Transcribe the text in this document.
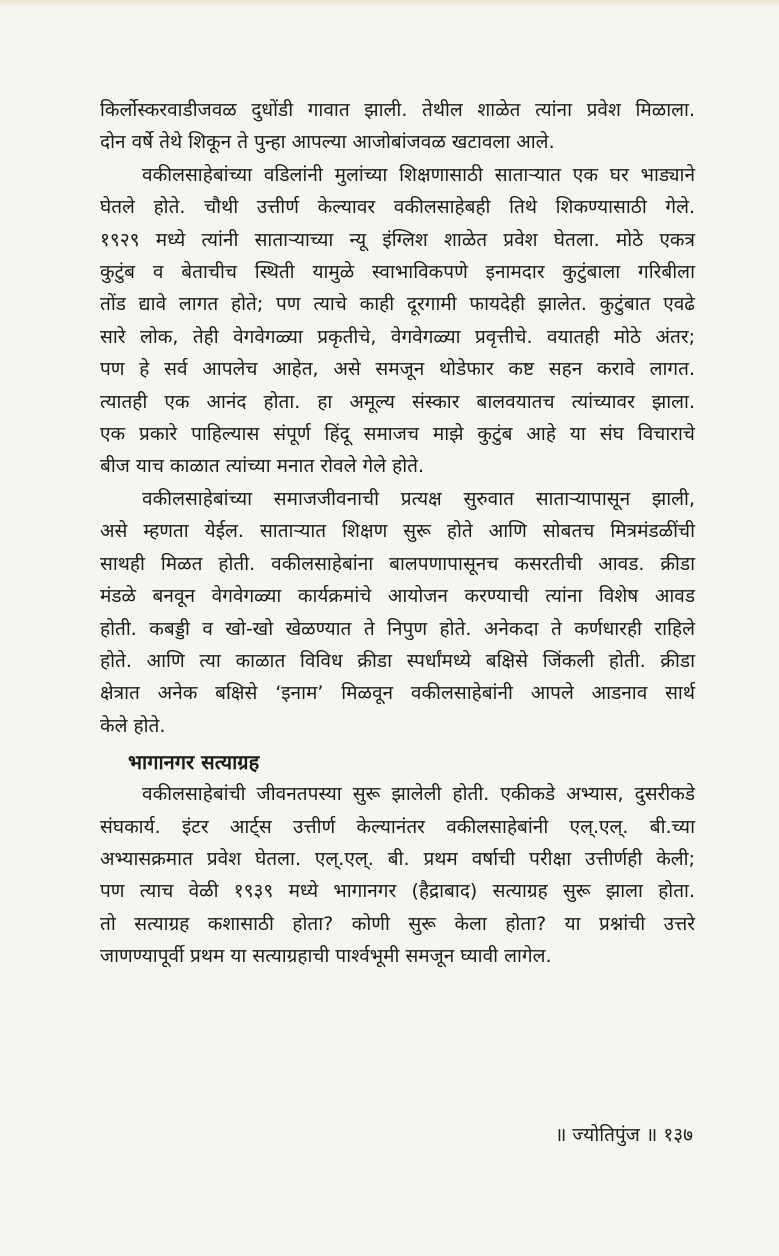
किर्लोस्करवाडीजवळ दुधोंडी गावात झाली. तेथील शाळेत त्यांना प्रवेश मिळाला.
दोन वर्षे तेथे शिकून ते पुन्हा आपल्या आजोबांजवळ खटावला आले.

वकीलसाहेबांच्या वडिलांनी मुलांच्या शिक्षणासाठी साताऱ्यात एक घर भाड्याने
घेतले होते. चौथी उत्तीर्ण केल्यावर वकीलसाहेबही तिथे शिकण्यासाठी गेले.
१९२९ मध्ये त्यांनी साताऱ्याच्या न्यू इंग्लिश शाळेत प्रवेश घेतला. मोठे एकत्र
कुटुंब व बेताचीच स्थिती यामुळे स्वाभाविकपणे इनामदार कुटुंबाला गरिबीला
तोंड द्यावे लागत होते; पण त्याचे काही दूरगामी फायदेही झालेत. कुटुंबात एवढे
सारे लोक, तेही वेगवेगळ्या प्रकृतीचे, वेगवेगळ्या प्रवृत्तीचे. वयातही मोठे अंतर;
पण हे सर्व आपलेच आहेत, असे समजून थोडेफार कष्ट सहन करावे लागत.
त्यातही एक आनंद होता. हा अमूल्य संस्कार बालवयातच त्यांच्यावर झाला.
एक प्रकारे पाहिल्यास संपूर्ण हिंदू समाजच माझे कुटुंब आहे या संघ विचाराचे
बीज याच काळात त्यांच्या मनात रोवले गेले होते.

वकीलसाहेबांच्या समाजजीवनाची प्रत्यक्ष सुरुवात साताऱ्यापासून झाली,
असे म्हणता येईल. साताऱ्यात शिक्षण सुरू होते आणि सोबतच मित्रमंडळींची
साथही मिळत होती. वकीलसाहेबांना बालपणापासूनच कसरतीची आवड. क्रीडा
मंडळे बनवून वेगवेगळ्या कार्यक्रमांचे आयोजन करण्याची त्यांना विशेष आवड
होती. कबड्डी व खो-खो खेळण्यात ते निपुण होते. अनेकदा ते कर्णधारही राहिले
होते. आणि त्या काळात विविध क्रीडा स्पर्धांमध्ये बक्षिसे जिंकली होती. क्रीडा
क्षेत्रात अनेक बक्षिसे ‘इनाम’ मिळवून वकीलसाहेबांनी आपले आडनाव सार्थ
केले होते.

भागानगर सत्याग्रह

वकीलसाहेबांची जीवनतपस्या सुरू झालेली होती. एकीकडे अभ्यास, दुसरीकडे
संघकार्य. इंटर आर्ट्स उत्तीर्ण केल्यानंतर वकीलसाहेबांनी एल्.एल्. बी.च्या
अभ्यासक्रमात प्रवेश घेतला. एल्.एल्. बी. प्रथम वर्षाची परीक्षा उत्तीर्णही केली;
पण त्याच वेळी १९३९ मध्ये भागानगर (हैद्राबाद) सत्याग्रह सुरू झाला होता.
तो सत्याग्रह कशासाठी होता? कोणी सुरू केला होता? या प्रश्नांची उत्तरे
जाणण्यापूर्वी प्रथम या सत्याग्रहाची पार्श्वभूमी समजून घ्यावी लागेल.

॥ ज्योतिपुंज ॥ १३७
